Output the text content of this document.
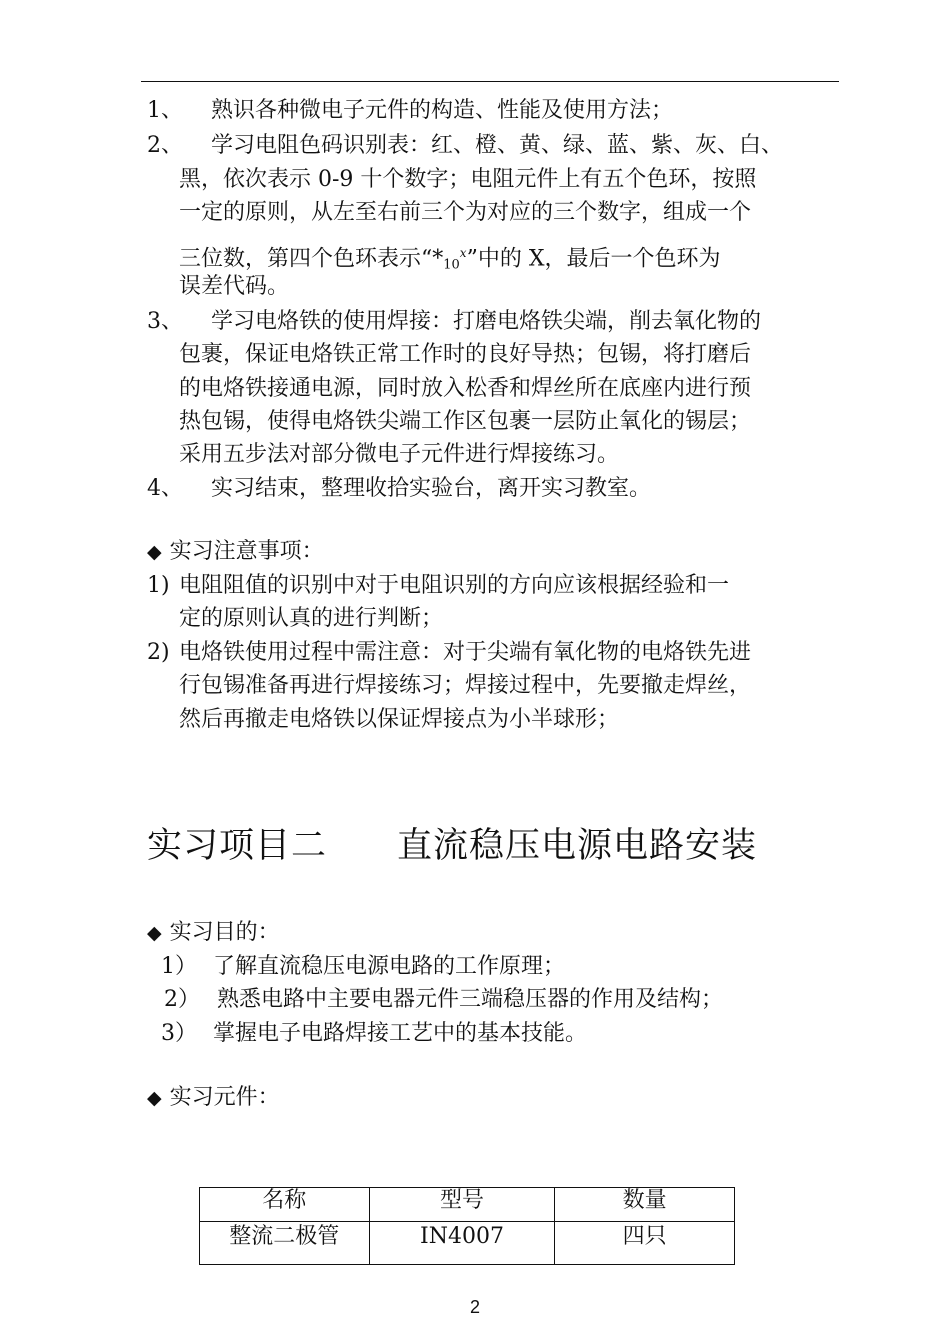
1、 熟识各种微电子元件的构造、性能及使用方法；
2、 学习电阻色码识别表：红、橙、黄、绿、蓝、紫、灰、白、
黑，依次表示 0-9 十个数字；电阻元件上有五个色环，按照
一定的原则，从左至右前三个为对应的三个数字，组成一个
三位数，第四个色环表示“*10$^x$”中的 X，最后一个色环为
误差代码。
3、 学习电烙铁的使用焊接：打磨电烙铁尖端，削去氧化物的
包裹，保证电烙铁正常工作时的良好导热；包锡，将打磨后
的电烙铁接通电源，同时放入松香和焊丝所在底座内进行预
热包锡，使得电烙铁尖端工作区包裹一层防止氧化的锡层；
采用五步法对部分微电子元件进行焊接练习。
4、 实习结束，整理收拾实验台，离开实习教室。
◆ 实习注意事项：
1) 电阻阻值的识别中对于电阻识别的方向应该根据经验和一
定的原则认真的进行判断；
2) 电烙铁使用过程中需注意：对于尖端有氧化物的电烙铁先进
行包锡准备再进行焊接练习；焊接过程中，先要撤走焊丝，
然后再撤走电烙铁以保证焊接点为小半球形；
实习项目二 直流稳压电源电路安装
◆ 实习目的：
1） 了解直流稳压电源电路的工作原理；
2） 熟悉电路中主要电器元件三端稳压器的作用及结构；
3） 掌握电子电路焊接工艺中的基本技能。
◆ 实习元件：
名称	型号	数量
整流二极管	IN4007	四只
2
